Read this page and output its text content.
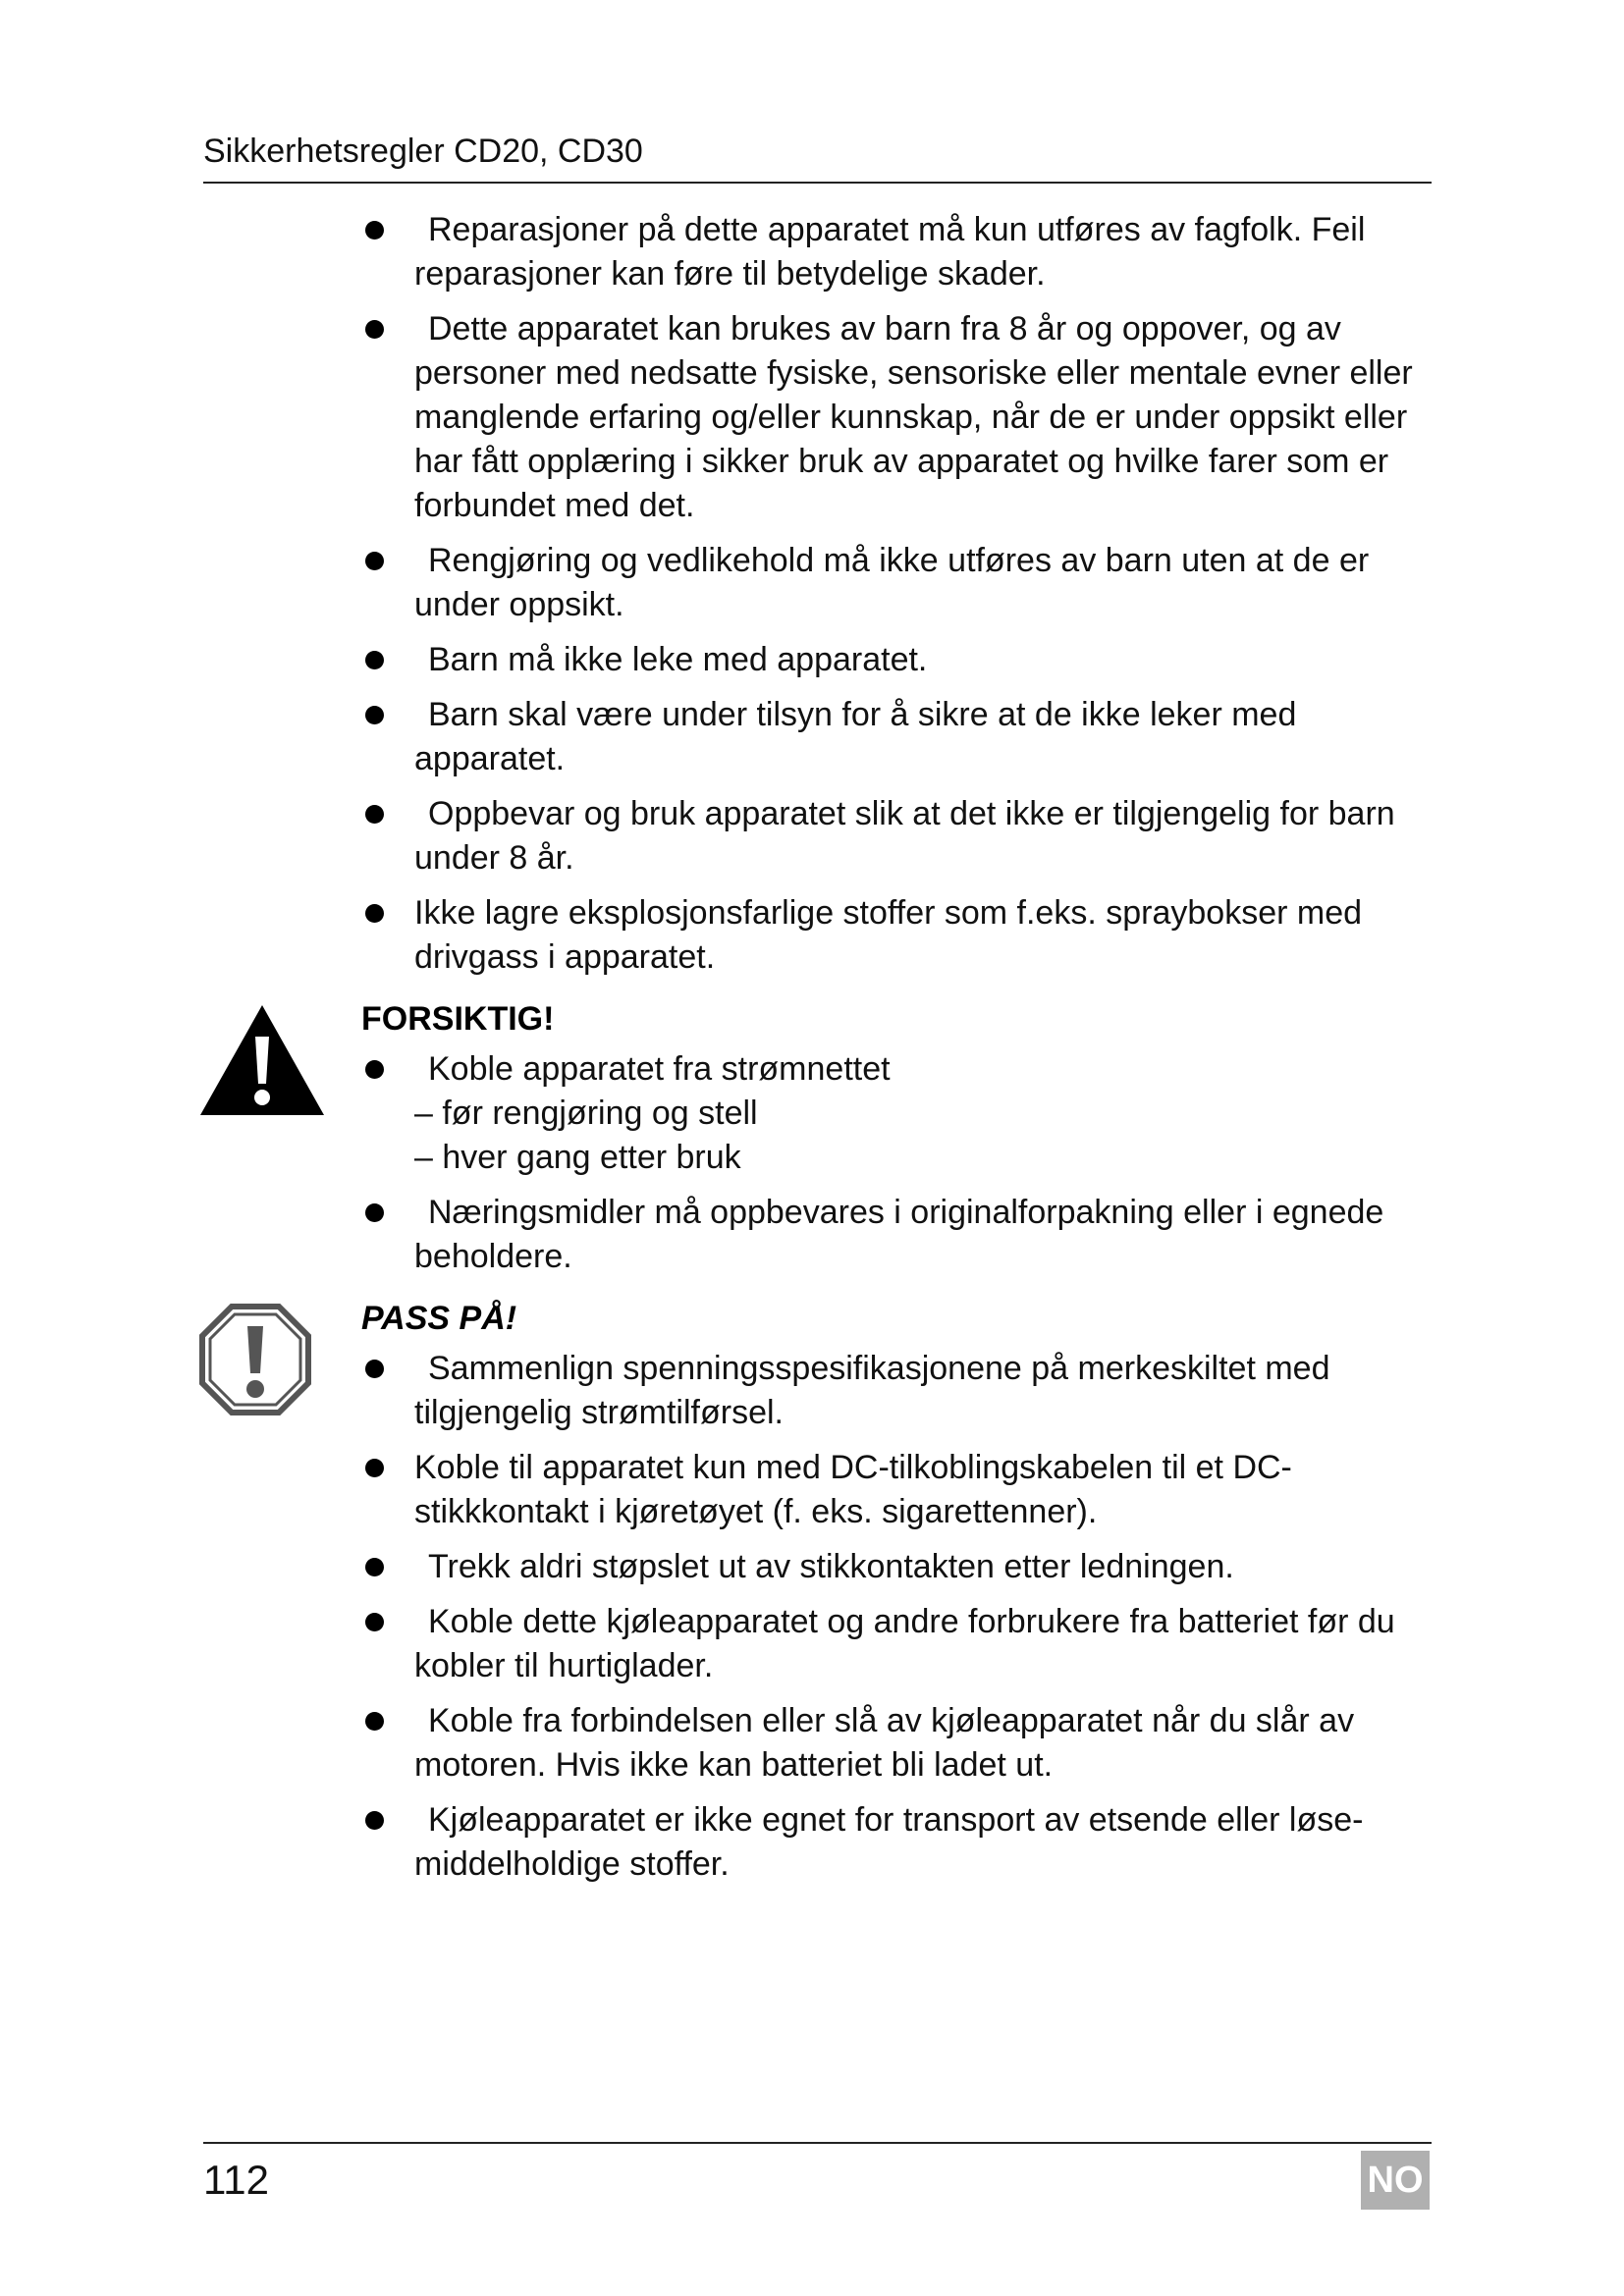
Sikkerhetsregler CD20, CD30
Reparasjoner på dette apparatet må kun utføres av fagfolk. Feil reparasjoner kan føre til betydelige skader.
Dette apparatet kan brukes av barn fra 8 år og oppover, og av personer med nedsatte fysiske, sensoriske eller mentale evner eller manglende erfaring og/eller kunnskap, når de er under oppsikt eller har fått opplæring i sikker bruk av apparatet og hvilke farer som er forbundet med det.
Rengjøring og vedlikehold må ikke utføres av barn uten at de er under oppsikt.
Barn må ikke leke med apparatet.
Barn skal være under tilsyn for å sikre at de ikke leker med apparatet.
Oppbevar og bruk apparatet slik at det ikke er tilgjengelig for barn under 8 år.
Ikke lagre eksplosjonsfarlige stoffer som f.eks. spraybokser med drivgass i apparatet.
FORSIKTIG!
Koble apparatet fra strømnettet
– før rengjøring og stell
– hver gang etter bruk
Næringsmidler må oppbevares i originalforpakning eller i egnede beholdere.
PASS PÅ!
Sammenlign spenningsspesifikasjonene på merkeskiltet med tilgjengelig strømtilførsel.
Koble til apparatet kun med DC-tilkoblingskabelen til et DC-stikkkontakt i kjøretøyet (f. eks. sigarettenner).
Trekk aldri støpslet ut av stikkontakten etter ledningen.
Koble dette kjøleapparatet og andre forbrukere fra batteriet før du kobler til hurtiglader.
Koble fra forbindelsen eller slå av kjøleapparatet når du slår av motoren. Hvis ikke kan batteriet bli ladet ut.
Kjøleapparatet er ikke egnet for transport av etsende eller løse-middelholdige stoffer.
112	NO
